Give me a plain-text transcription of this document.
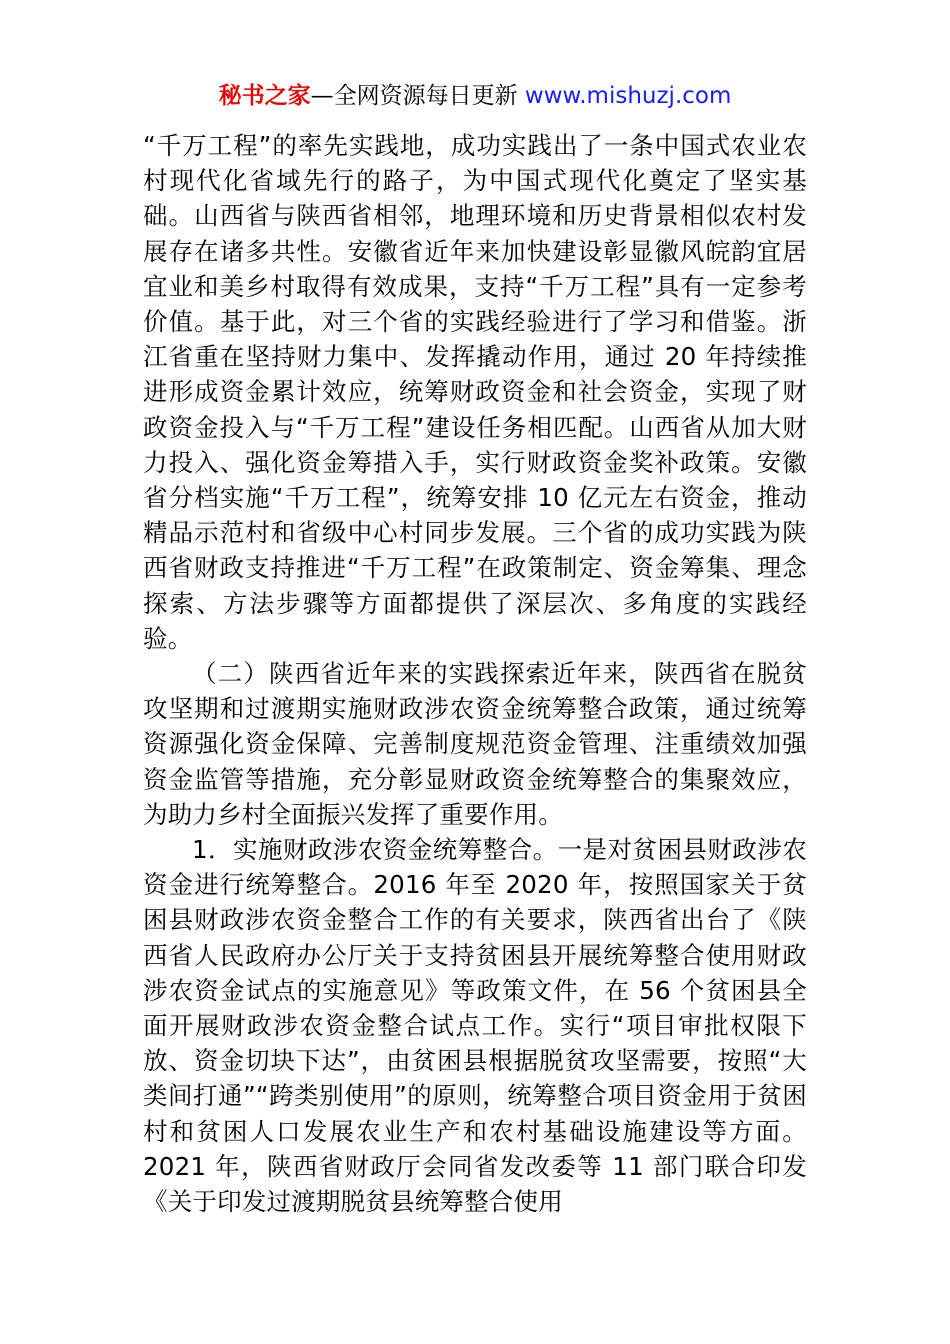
秘书之家—全网资源每日更新 www.mishuzj.com

“千万工程”的率先实践地，成功实践出了一条中国式农业农村现代化省域先行的路子，为中国式现代化奠定了坚实基础。山西省与陕西省相邻，地理环境和历史背景相似农村发展存在诸多共性。安徽省近年来加快建设彰显徽风皖韵宜居宜业和美乡村取得有效成果，支持“千万工程”具有一定参考价值。基于此，对三个省的实践经验进行了学习和借鉴。浙江省重在坚持财力集中、发挥撬动作用，通过 20 年持续推进形成资金累计效应，统筹财政资金和社会资金，实现了财政资金投入与“千万工程”建设任务相匹配。山西省从加大财力投入、强化资金筹措入手，实行财政资金奖补政策。安徽省分档实施“千万工程”，统筹安排 10 亿元左右资金，推动精品示范村和省级中心村同步发展。三个省的成功实践为陕西省财政支持推进“千万工程”在政策制定、资金筹集、理念探索、方法步骤等方面都提供了深层次、多角度的实践经验。

（二）陕西省近年来的实践探索近年来，陕西省在脱贫攻坚期和过渡期实施财政涉农资金统筹整合政策，通过统筹资源强化资金保障、完善制度规范资金管理、注重绩效加强资金监管等措施，充分彰显财政资金统筹整合的集聚效应，为助力乡村全面振兴发挥了重要作用。

1．实施财政涉农资金统筹整合。一是对贫困县财政涉农资金进行统筹整合。2016 年至 2020 年，按照国家关于贫困县财政涉农资金整合工作的有关要求，陕西省出台了《陕西省人民政府办公厅关于支持贫困县开展统筹整合使用财政涉农资金试点的实施意见》等政策文件，在 56 个贫困县全面开展财政涉农资金整合试点工作。实行“项目审批权限下放、资金切块下达”，由贫困县根据脱贫攻坚需要，按照“大类间打通”“跨类别使用”的原则，统筹整合项目资金用于贫困村和贫困人口发展农业生产和农村基础设施建设等方面。2021 年，陕西省财政厅会同省发改委等 11 部门联合印发《关于印发过渡期脱贫县统筹整合使用
